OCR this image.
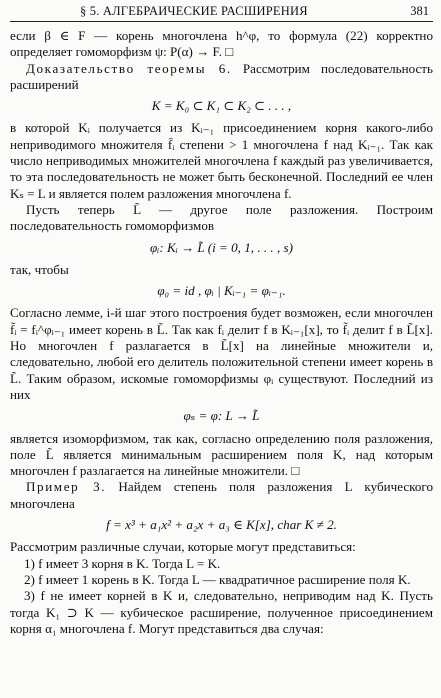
§ 5. АЛГЕБРАИЧЕСКИЕ РАСШИРЕНИЯ	381

если β ∈ F — корень многочлена h^φ, то формула (22) корректно определяет гомоморфизм ψ: P(α) → F. □

Доказательство теоремы 6. Рассмотрим последовательность расширений

K = K₀ ⊂ K₁ ⊂ K₂ ⊂ . . . ,

в которой Kᵢ получается из Kᵢ₋₁ присоединением корня какого-либо неприводимого множителя f̄ᵢ степени > 1 многочлена f над Kᵢ₋₁. Так как число неприводимых множителей многочлена f каждый раз увеличивается, то эта последовательность не может быть бесконечной. Последний ее член Kₛ = L и является полем разложения многочлена f.

Пусть теперь L̃ — другое поле разложения. Построим последовательность гомоморфизмов

φᵢ: Kᵢ → L̃ (i = 0, 1, . . . , s)

так, чтобы

φ₀ = id , φᵢ | Kᵢ₋₁ = φᵢ₋₁.

Согласно лемме, i-й шаг этого построения будет возможен, если многочлен f̃ᵢ = fᵢ^φᵢ₋₁ имеет корень в L̃. Так как fᵢ делит f в Kᵢ₋₁[x], то f̃ᵢ делит f в L̃[x]. Но многочлен f разлагается в L̃[x] на линейные множители и, следовательно, любой его делитель положительной степени имеет корень в L̃. Таким образом, искомые гомоморфизмы φᵢ существуют. Последний из них

φₛ = φ: L → L̃

является изоморфизмом, так как, согласно определению поля разложения, поле L̃ является минимальным расширением поля K, над которым многочлен f разлагается на линейные множители. □

Пример 3. Найдем степень поля разложения L кубического многочлена

f = x³ + a₁x² + a₂x + a₃ ∈ K[x], char K ≠ 2.

Рассмотрим различные случаи, которые могут представиться:

1) f имеет 3 корня в K. Тогда L = K.

2) f имеет 1 корень в K. Тогда L — квадратичное расширение поля K.

3) f не имеет корней в K и, следовательно, неприводим над K. Пусть тогда K₁ ⊃ K — кубическое расширение, полученное присоединением корня α₁ многочлена f. Могут представиться два случая:
